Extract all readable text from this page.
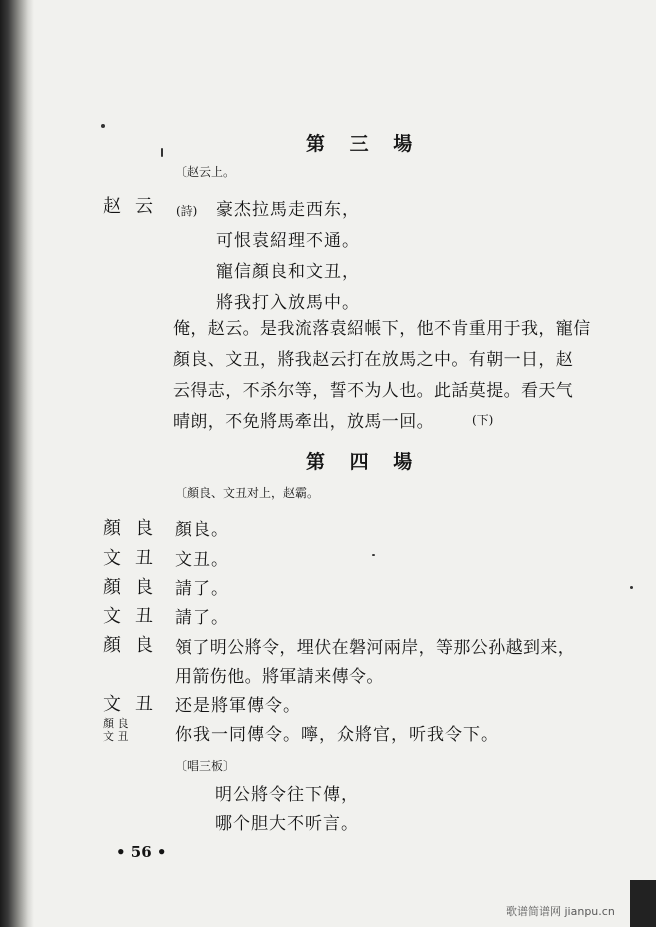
第 三 場
〔赵云上。
赵云 (詩) 豪杰拉馬走西东，
可恨袁紹理不通。
寵信顏良和文丑，
將我打入放馬中。
俺，赵云。是我流落袁紹帳下，他不肯重用于我，寵信
顏良、文丑，將我赵云打在放馬之中。有朝一日，赵
云得志，不杀尔等，誓不为人也。此話莫提。看天气
晴朗，不免將馬牽出，放馬一回。	(下)
第 四 場
〔顏良、文丑对上，赵霸。
顏良 顏良。
文丑 文丑。
顏良 請了。
文丑 請了。
顏良 領了明公將令，埋伏在磐河兩岸，等那公孙越到来，
用箭伤他。將軍請来傳令。
文丑 还是將軍傳令。
顏 良
文 丑	你我一同傳令。嚀，众將官，听我令下。
〔唱三板〕
明公將令往下傳，
哪个胆大不听言。
• 56 •
歌谱简谱网 jianpu.cn
